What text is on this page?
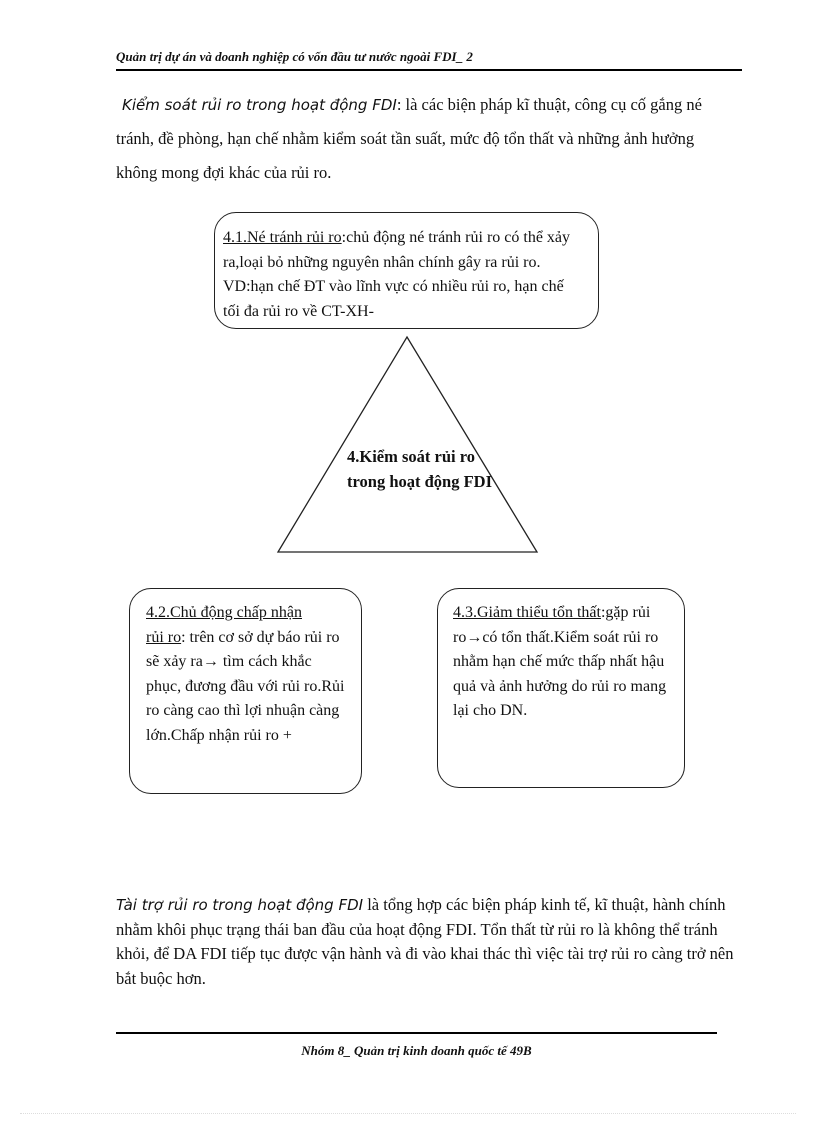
Quản trị dự án và doanh nghiệp có vốn đầu tư nước ngoài FDI_ 2
Kiểm soát rủi ro trong hoạt động FDI: là các biện pháp kĩ thuật, công cụ cố gắng né tránh, đề phòng, hạn chế nhằm kiểm soát tần suất, mức độ tổn thất và những ảnh hưởng không mong đợi khác của rủi ro.
4.1.Né tránh rủi ro:chủ động né tránh rủi ro có thể xảy ra,loại bỏ những nguyên nhân chính gây ra rủi ro. VD:hạn chế ĐT vào lĩnh vực có nhiều rủi ro, hạn chế tối đa rủi ro về CT-XH-
4.Kiểm soát rủi ro trong hoạt động FDI
4.2.Chủ động chấp nhận
rủi ro: trên cơ sở dự báo rủi ro sẽ xảy ra→ tìm cách khắc phục, đương đầu với rủi ro.Rủi ro càng cao thì lợi nhuận càng lớn.Chấp nhận rủi ro +
4.3.Giảm thiểu tổn thất:gặp rủi ro→có tổn thất.Kiểm soát rủi ro nhằm hạn chế mức thấp nhất hậu quả và ảnh hưởng do rủi ro mang lại cho DN.
Tài trợ rủi ro trong hoạt động FDI là tổng hợp các biện pháp kinh tế, kĩ thuật, hành chính nhằm khôi phục trạng thái ban đầu của hoạt động FDI. Tổn thất từ rủi ro là không thể tránh khỏi, để DA FDI tiếp tục được vận hành và đi vào khai thác thì việc tài trợ rủi ro càng trở nên bắt buộc hơn.
Nhóm 8_ Quản trị kinh doanh quốc tế 49B
